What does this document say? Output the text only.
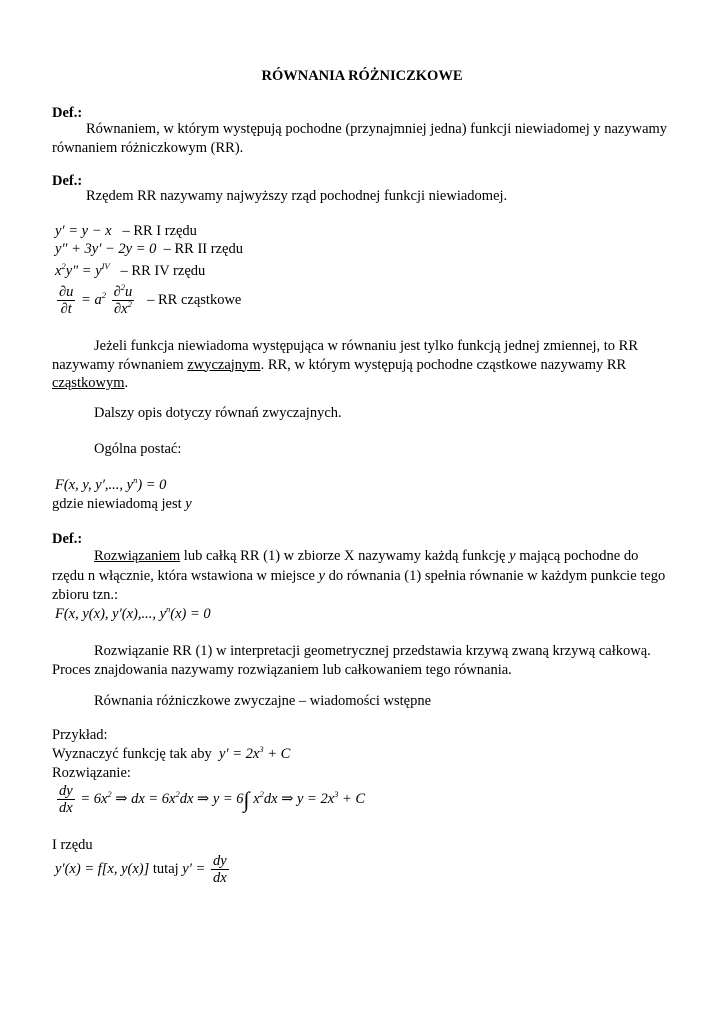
RÓWNANIA RÓŻNICZKOWE
Def.:
Równaniem, w którym występują pochodne (przynajmniej jedna) funkcji niewiadomej y nazywamy równaniem różniczkowym (RR).
Def.:
Rzędem RR nazywamy najwyższy rząd pochodnej funkcji niewiadomej.
y′ = y − x – RR I rzędu
y″ + 3y′ − 2y = 0 – RR II rzędu
$x^2y'' = y^{IV}$ – RR IV rzędu
$\frac{\partial u}{\partial t} = a^2 \frac{\partial^2u}{\partial x^2}$ – RR cząstkowe
Jeżeli funkcja niewiadoma występująca w równaniu jest tylko funkcją jednej zmiennej, to RR nazywamy równaniem zwyczajnym. RR, w którym występują pochodne cząstkowe nazywamy RR cząstkowym.
Dalszy opis dotyczy równań zwyczajnych.
Ogólna postać:
F(x, y, y′,..., $y^n) = 0$
gdzie niewiadomą jest y
Def.:
Rozwiązaniem lub całką RR (1) w zbiorze X nazywamy każdą funkcję y mającą pochodne do
rzędu n włącznie, która wstawiona w miejsce y do równania (1) spełnia równanie w każdym punkcie tego
zbioru tzn.:
F(x, y(x), y′(x),..., $y^n(x) = 0$
Rozwiązanie RR (1) w interpretacji geometrycznej przedstawia krzywą zwaną krzywą całkową. Proces znajdowania nazywamy rozwiązaniem lub całkowaniem tego równania.
Równania różniczkowe zwyczajne – wiadomości wstępne
Przykład:
Wyznaczyć funkcję tak aby $y' = 2x^3 + C$
Rozwiązanie:
$\frac{dy}{dx} = 6x^2$ ⇒ dx = $6x^2dx$ ⇒ y = 6∫ $x^2dx$ ⇒ $y = 2x^3 + C$
I rzędu
y′(x) = f[x, y(x)] tutaj $y' = \frac{dy}{dx}$
